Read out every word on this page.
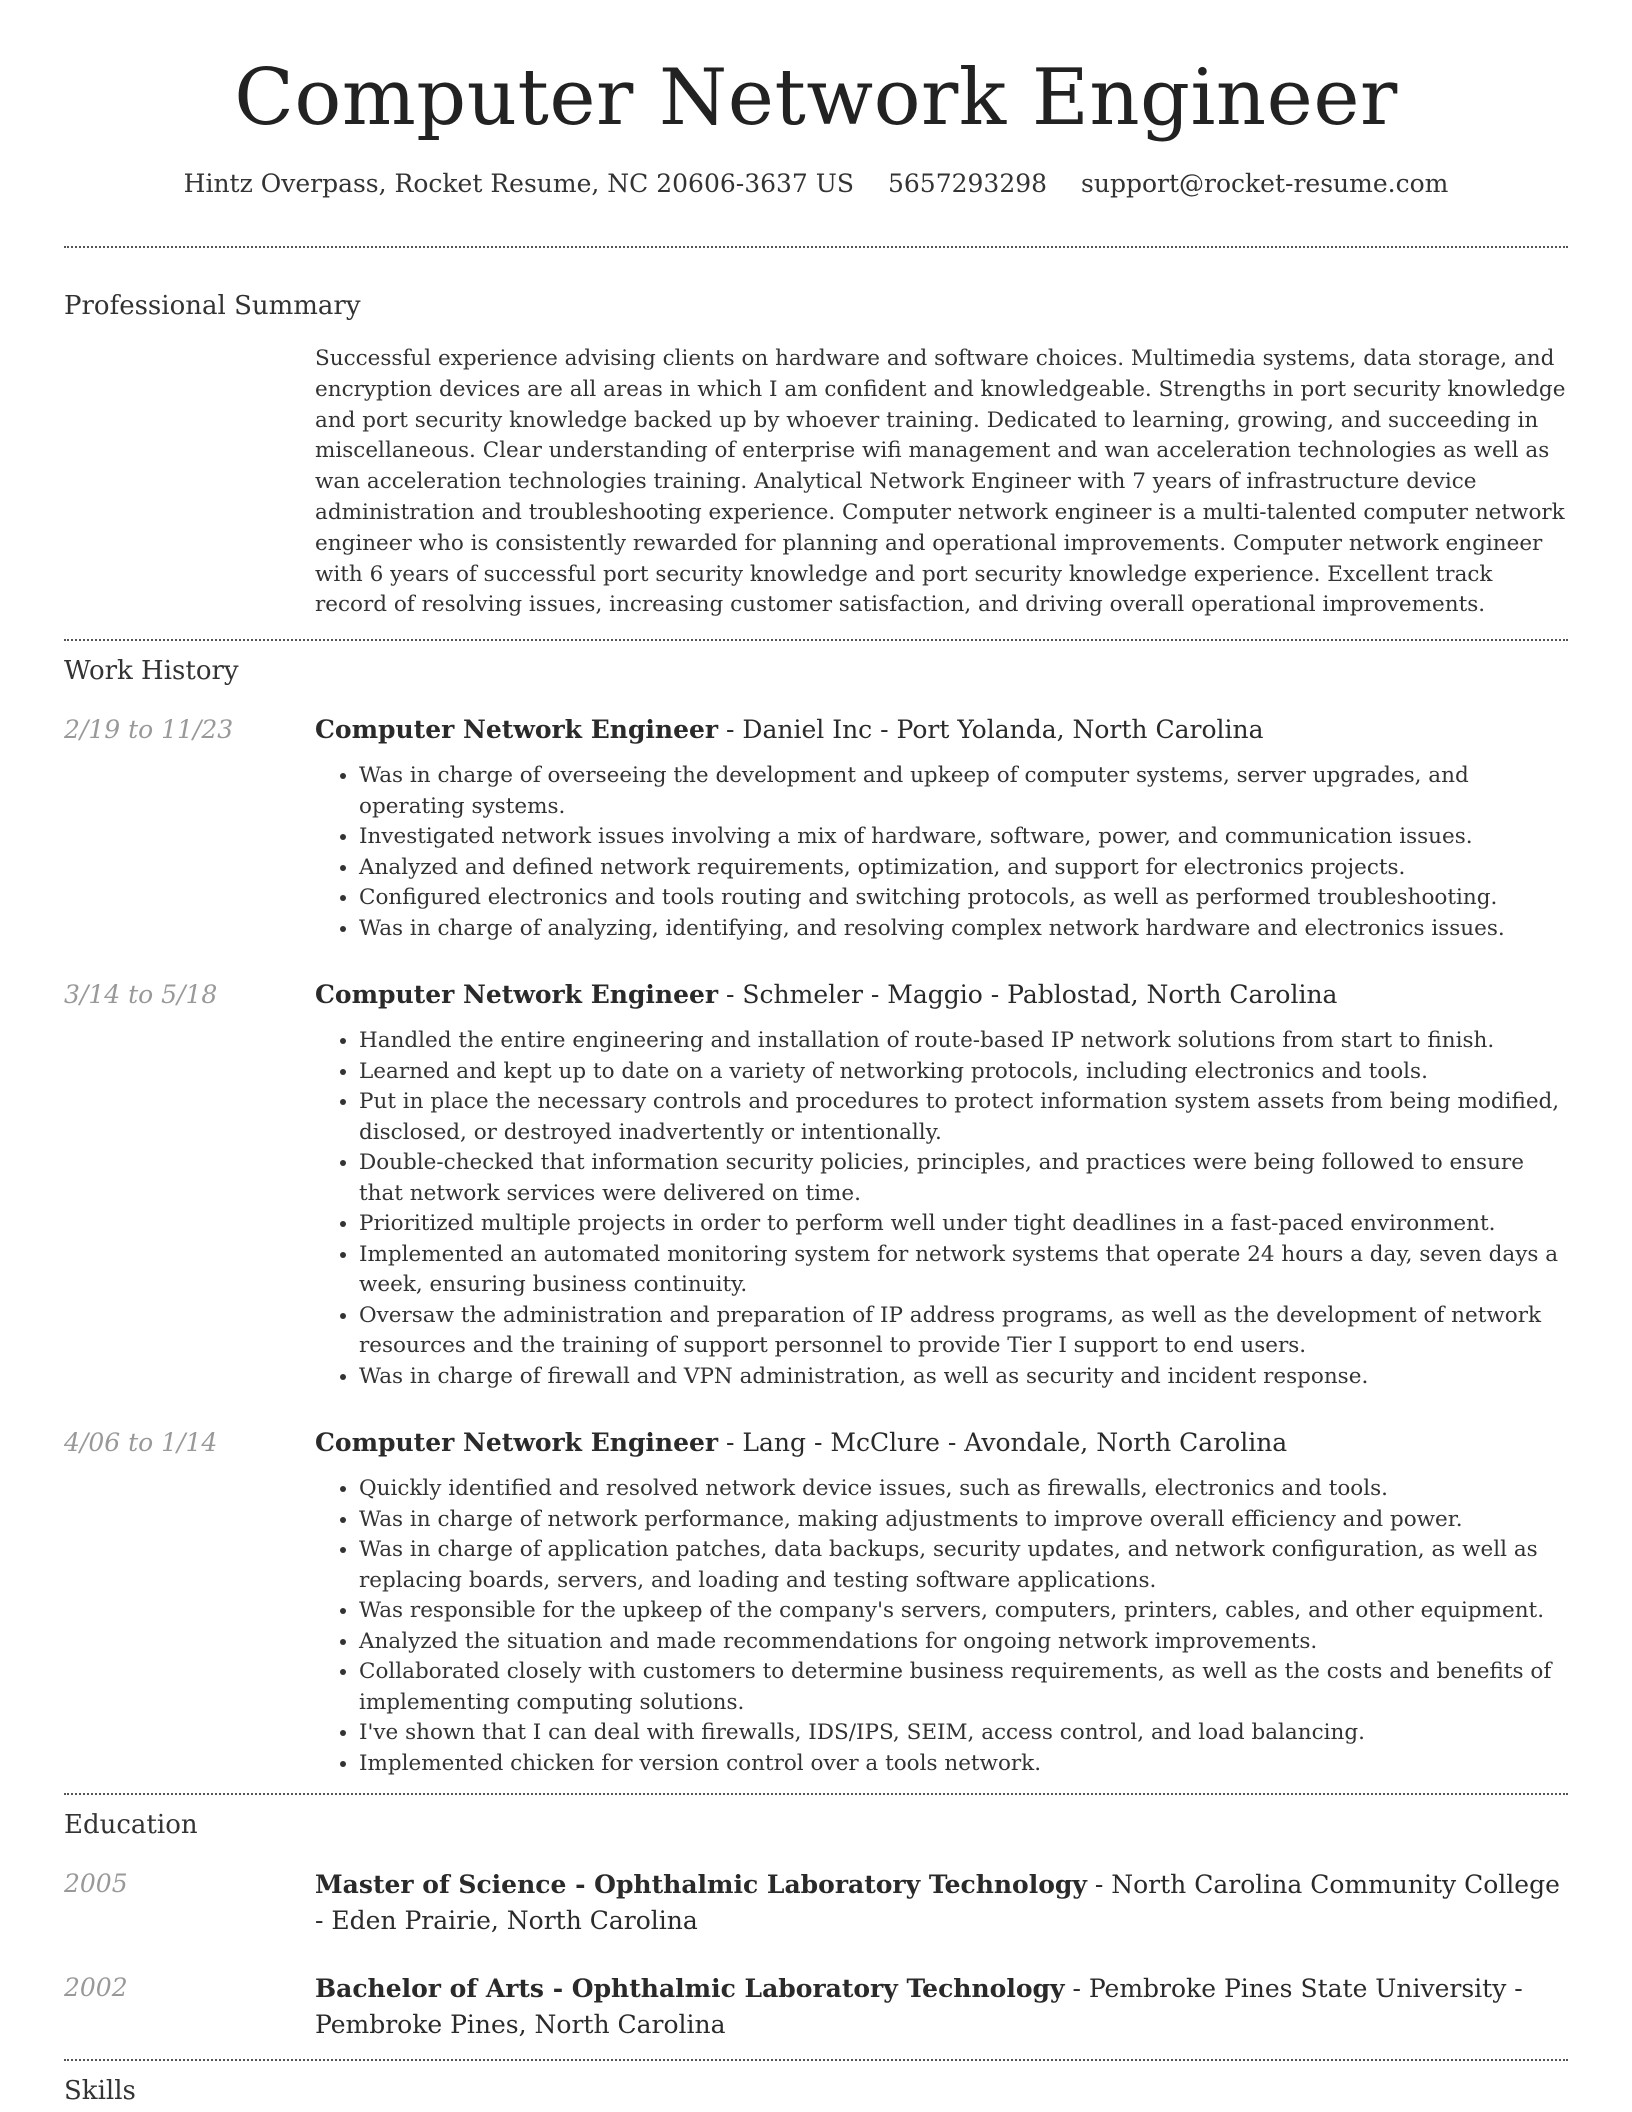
Computer Network Engineer
Hintz Overpass, Rocket Resume, NC 20606-3637 US 5657293298 support@rocket-resume.com
Professional Summary
Successful experience advising clients on hardware and software choices. Multimedia systems, data storage, and encryption devices are all areas in which I am confident and knowledgeable. Strengths in port security knowledge and port security knowledge backed up by whoever training. Dedicated to learning, growing, and succeeding in miscellaneous. Clear understanding of enterprise wifi management and wan acceleration technologies as well as wan acceleration technologies training. Analytical Network Engineer with 7 years of infrastructure device administration and troubleshooting experience. Computer network engineer is a multi-talented computer network engineer who is consistently rewarded for planning and operational improvements. Computer network engineer with 6 years of successful port security knowledge and port security knowledge experience. Excellent track record of resolving issues, increasing customer satisfaction, and driving overall operational improvements.
Work History
2/19 to 11/23	Computer Network Engineer - Daniel Inc - Port Yolanda, North Carolina
• Was in charge of overseeing the development and upkeep of computer systems, server upgrades, and operating systems.
• Investigated network issues involving a mix of hardware, software, power, and communication issues.
• Analyzed and defined network requirements, optimization, and support for electronics projects.
• Configured electronics and tools routing and switching protocols, as well as performed troubleshooting.
• Was in charge of analyzing, identifying, and resolving complex network hardware and electronics issues.
3/14 to 5/18	Computer Network Engineer - Schmeler - Maggio - Pablostad, North Carolina
• Handled the entire engineering and installation of route-based IP network solutions from start to finish.
• Learned and kept up to date on a variety of networking protocols, including electronics and tools.
• Put in place the necessary controls and procedures to protect information system assets from being modified, disclosed, or destroyed inadvertently or intentionally.
• Double-checked that information security policies, principles, and practices were being followed to ensure that network services were delivered on time.
• Prioritized multiple projects in order to perform well under tight deadlines in a fast-paced environment.
• Implemented an automated monitoring system for network systems that operate 24 hours a day, seven days a week, ensuring business continuity.
• Oversaw the administration and preparation of IP address programs, as well as the development of network resources and the training of support personnel to provide Tier I support to end users.
• Was in charge of firewall and VPN administration, as well as security and incident response.
4/06 to 1/14	Computer Network Engineer - Lang - McClure - Avondale, North Carolina
• Quickly identified and resolved network device issues, such as firewalls, electronics and tools.
• Was in charge of network performance, making adjustments to improve overall efficiency and power.
• Was in charge of application patches, data backups, security updates, and network configuration, as well as replacing boards, servers, and loading and testing software applications.
• Was responsible for the upkeep of the company's servers, computers, printers, cables, and other equipment.
• Analyzed the situation and made recommendations for ongoing network improvements.
• Collaborated closely with customers to determine business requirements, as well as the costs and benefits of implementing computing solutions.
• I've shown that I can deal with firewalls, IDS/IPS, SEIM, access control, and load balancing.
• Implemented chicken for version control over a tools network.
Education
2005	Master of Science - Ophthalmic Laboratory Technology - North Carolina Community College - Eden Prairie, North Carolina
2002	Bachelor of Arts - Ophthalmic Laboratory Technology - Pembroke Pines State University - Pembroke Pines, North Carolina
Skills
